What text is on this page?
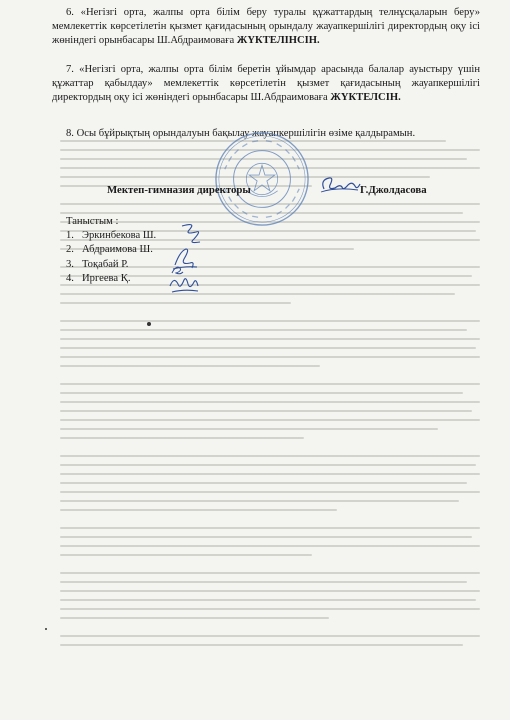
6. «Негізгі орта, жалпы орта білім беру туралы құжаттардың телнұсқаларын беру» мемлекеттік көрсетілетін қызмет қағидасының орындалу жауапкершілігі директордың оқу ісі жөніндегі орынбасары Ш.Абдраимоваға ЖҮКТЕЛІНСІН.
7. «Негізгі орта, жалпы орта білім беретін ұйымдар арасында балалар ауыстыру үшін құжаттар қабылдау» мемлекеттік көрсетілетін қызмет қағидасының жауапкершілігі директордың оқу ісі жөніндегі орынбасары Ш.Абдраимоваға ЖҮКТЕЛСІН.
8. Осы бұйрықтың орындалуын бақылау жауапкершілігін өзіме қалдырамын.
Мектеп-гимназия директоры	Г.Джолдасова
Таныстым :
1. Эркинбекова Ш.
2. Абдраимова Ш.
3. Тоқабай Р.
4. Иргеева Қ.
